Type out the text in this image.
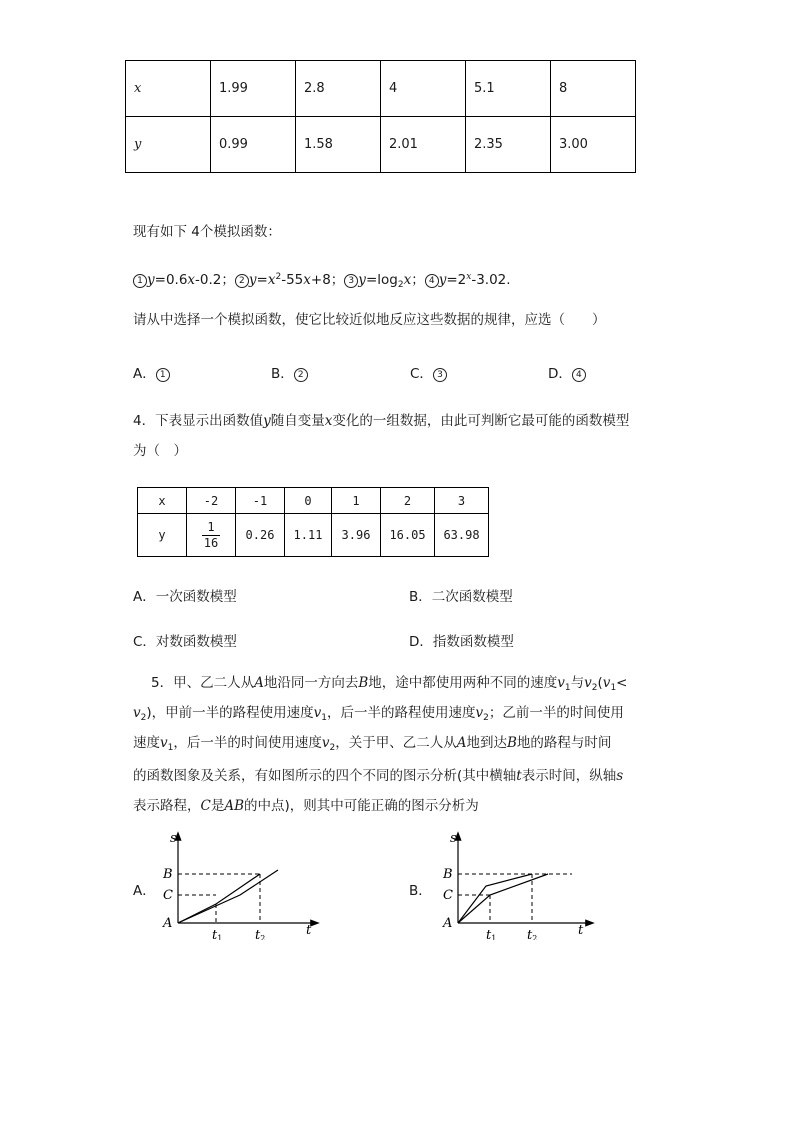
x	1.99	2.8	4	5.1	8
y	0.99	1.58	2.01	2.35	3.00
现有如下 4个模拟函数：
1 y=0.6x-0.2； 2 $y=x^2-55x+8$； 3 $y=\log_2x$； 4 $y=2^x-3.02$.
请从中选择一个模拟函数，使它比较近似地反应这些数据的规律，应选（　　）
A． 1	B． 2	C． 3	D． 4
4．下表显示出函数值y随自变量x变化的一组数据，由此可判断它最可能的函数模型
为（　）
x	-2	-1	0	1	2	3
y	$\frac{1}{16}$	0.26	1.11	3.96	16.05	63.98
A．一次函数模型	B．二次函数模型
C．对数函数模型	D．指数函数模型
5．甲、乙二人从A地沿同一方向去B地，途中都使用两种不同的速度$v_1$与$v_2(v_1<$
$v_2$)，甲前一半的路程使用速度$v_1$，后一半的路程使用速度$v_2$；乙前一半的时间使用
速度$v_1$，后一半的时间使用速度$v_2$，关于甲、乙二人从A地到达B地的路程与时间
的函数图象及关系，有如图所示的四个不同的图示分析(其中横轴t表示时间，纵轴s
表示路程，C是AB的中点)，则其中可能正确的图示分析为
A．
s
B
C
A
t1	t2
t
B．
s
B
C
A
t1 t2
t
